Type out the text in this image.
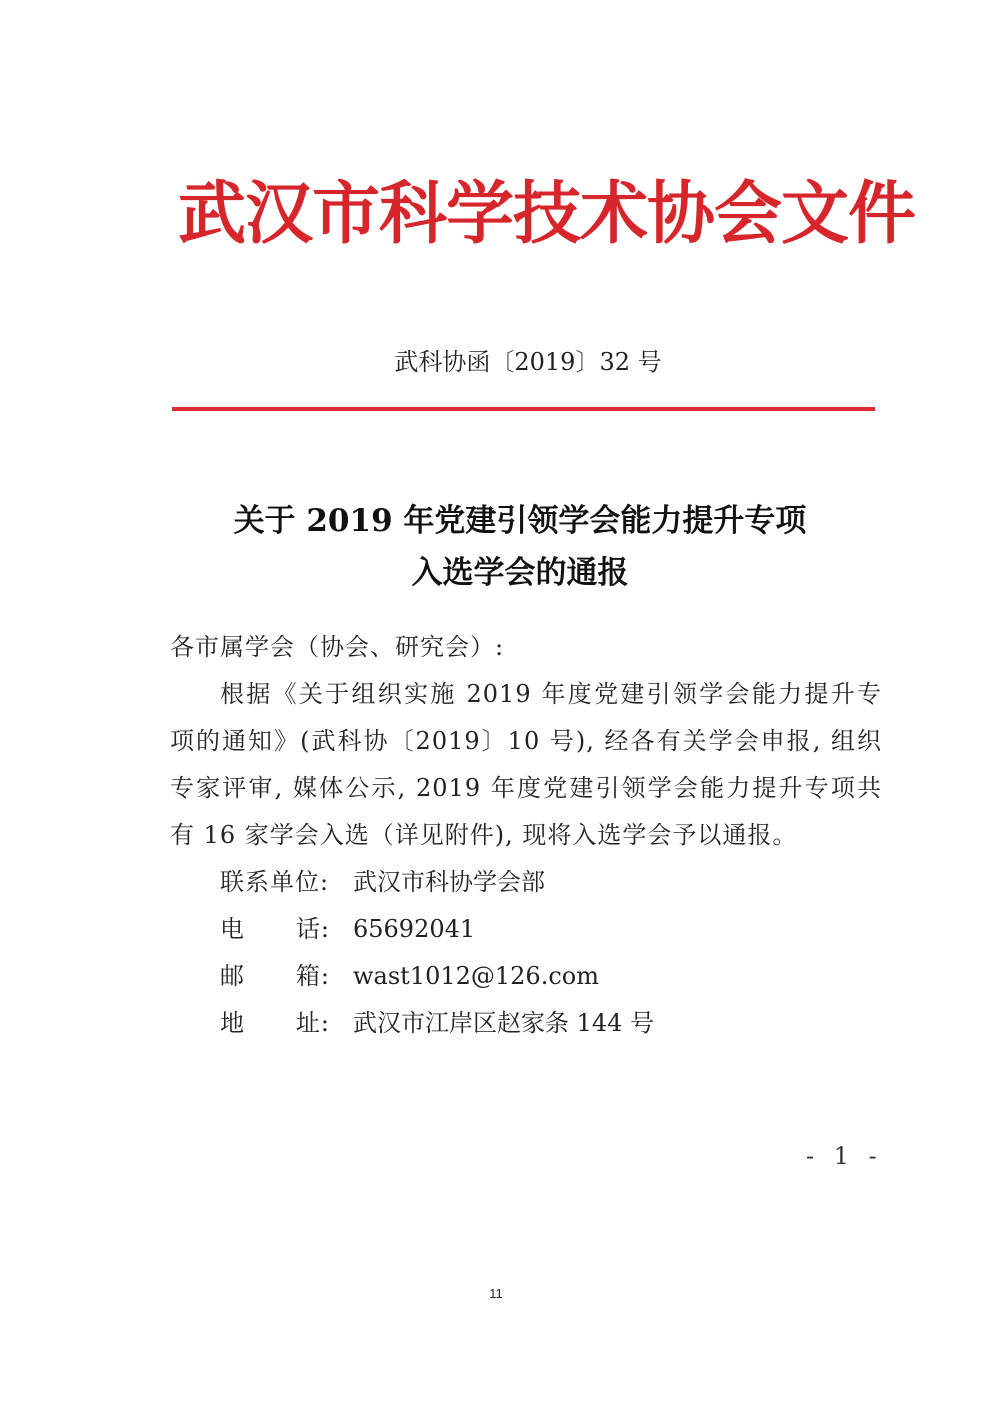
武汉市科学技术协会文件
武科协函〔2019〕32 号
关于 2019 年党建引领学会能力提升专项
入选学会的通报
各市属学会（协会、研究会）:
根据《关于组织实施 2019 年度党建引领学会能力提升专
项的通知》(武科协〔2019〕10 号), 经各有关学会申报, 组织
专家评审, 媒体公示, 2019 年度党建引领学会能力提升专项共
有 16 家学会入选（详见附件), 现将入选学会予以通报。
联系单位: 武汉市科协学会部
电 话: 65692041
邮 箱: wast1012@126.com
地 址: 武汉市江岸区赵家条 144 号
- 1 -
11
